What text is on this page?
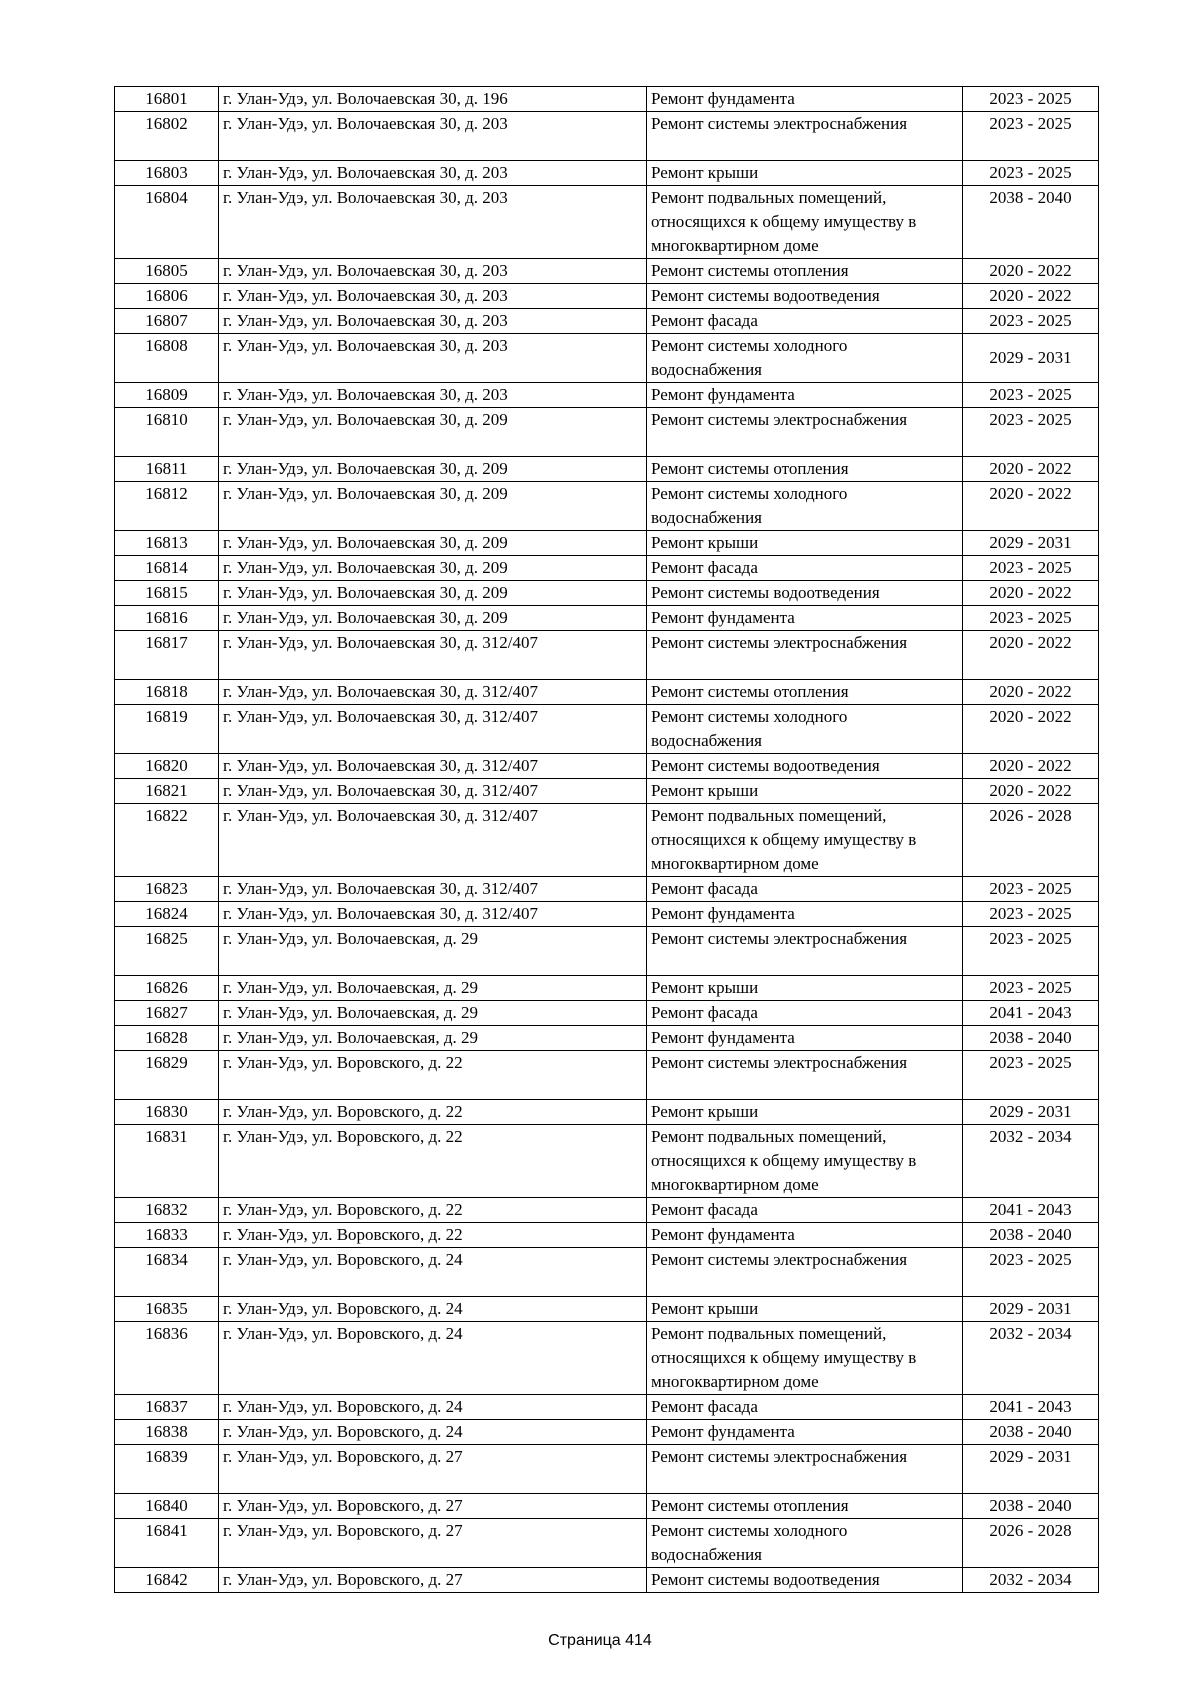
16801	г. Улан-Удэ, ул. Волочаевская 30, д. 196	Ремонт фундамента	2023 - 2025
16802	г. Улан-Удэ, ул. Волочаевская 30, д. 203	Ремонт системы электроснабжения	2023 - 2025
16803	г. Улан-Удэ, ул. Волочаевская 30, д. 203	Ремонт крыши	2023 - 2025
16804	г. Улан-Удэ, ул. Волочаевская 30, д. 203	Ремонт подвальных помещений, относящихся к общему имуществу в многоквартирном доме	2038 - 2040
16805	г. Улан-Удэ, ул. Волочаевская 30, д. 203	Ремонт системы отопления	2020 - 2022
16806	г. Улан-Удэ, ул. Волочаевская 30, д. 203	Ремонт системы водоотведения	2020 - 2022
16807	г. Улан-Удэ, ул. Волочаевская 30, д. 203	Ремонт фасада	2023 - 2025
16808	г. Улан-Удэ, ул. Волочаевская 30, д. 203	Ремонт системы холодного водоснабжения	2029 - 2031
16809	г. Улан-Удэ, ул. Волочаевская 30, д. 203	Ремонт фундамента	2023 - 2025
16810	г. Улан-Удэ, ул. Волочаевская 30, д. 209	Ремонт системы электроснабжения	2023 - 2025
16811	г. Улан-Удэ, ул. Волочаевская 30, д. 209	Ремонт системы отопления	2020 - 2022
16812	г. Улан-Удэ, ул. Волочаевская 30, д. 209	Ремонт системы холодного водоснабжения	2020 - 2022
16813	г. Улан-Удэ, ул. Волочаевская 30, д. 209	Ремонт крыши	2029 - 2031
16814	г. Улан-Удэ, ул. Волочаевская 30, д. 209	Ремонт фасада	2023 - 2025
16815	г. Улан-Удэ, ул. Волочаевская 30, д. 209	Ремонт системы водоотведения	2020 - 2022
16816	г. Улан-Удэ, ул. Волочаевская 30, д. 209	Ремонт фундамента	2023 - 2025
16817	г. Улан-Удэ, ул. Волочаевская 30, д. 312/407	Ремонт системы электроснабжения	2020 - 2022
16818	г. Улан-Удэ, ул. Волочаевская 30, д. 312/407	Ремонт системы отопления	2020 - 2022
16819	г. Улан-Удэ, ул. Волочаевская 30, д. 312/407	Ремонт системы холодного водоснабжения	2020 - 2022
16820	г. Улан-Удэ, ул. Волочаевская 30, д. 312/407	Ремонт системы водоотведения	2020 - 2022
16821	г. Улан-Удэ, ул. Волочаевская 30, д. 312/407	Ремонт крыши	2020 - 2022
16822	г. Улан-Удэ, ул. Волочаевская 30, д. 312/407	Ремонт подвальных помещений, относящихся к общему имуществу в многоквартирном доме	2026 - 2028
16823	г. Улан-Удэ, ул. Волочаевская 30, д. 312/407	Ремонт фасада	2023 - 2025
16824	г. Улан-Удэ, ул. Волочаевская 30, д. 312/407	Ремонт фундамента	2023 - 2025
16825	г. Улан-Удэ, ул. Волочаевская, д. 29	Ремонт системы электроснабжения	2023 - 2025
16826	г. Улан-Удэ, ул. Волочаевская, д. 29	Ремонт крыши	2023 - 2025
16827	г. Улан-Удэ, ул. Волочаевская, д. 29	Ремонт фасада	2041 - 2043
16828	г. Улан-Удэ, ул. Волочаевская, д. 29	Ремонт фундамента	2038 - 2040
16829	г. Улан-Удэ, ул. Воровского, д. 22	Ремонт системы электроснабжения	2023 - 2025
16830	г. Улан-Удэ, ул. Воровского, д. 22	Ремонт крыши	2029 - 2031
16831	г. Улан-Удэ, ул. Воровского, д. 22	Ремонт подвальных помещений, относящихся к общему имуществу в многоквартирном доме	2032 - 2034
16832	г. Улан-Удэ, ул. Воровского, д. 22	Ремонт фасада	2041 - 2043
16833	г. Улан-Удэ, ул. Воровского, д. 22	Ремонт фундамента	2038 - 2040
16834	г. Улан-Удэ, ул. Воровского, д. 24	Ремонт системы электроснабжения	2023 - 2025
16835	г. Улан-Удэ, ул. Воровского, д. 24	Ремонт крыши	2029 - 2031
16836	г. Улан-Удэ, ул. Воровского, д. 24	Ремонт подвальных помещений, относящихся к общему имуществу в многоквартирном доме	2032 - 2034
16837	г. Улан-Удэ, ул. Воровского, д. 24	Ремонт фасада	2041 - 2043
16838	г. Улан-Удэ, ул. Воровского, д. 24	Ремонт фундамента	2038 - 2040
16839	г. Улан-Удэ, ул. Воровского, д. 27	Ремонт системы электроснабжения	2029 - 2031
16840	г. Улан-Удэ, ул. Воровского, д. 27	Ремонт системы отопления	2038 - 2040
16841	г. Улан-Удэ, ул. Воровского, д. 27	Ремонт системы холодного водоснабжения	2026 - 2028
16842	г. Улан-Удэ, ул. Воровского, д. 27	Ремонт системы водоотведения	2032 - 2034
Страница 414
